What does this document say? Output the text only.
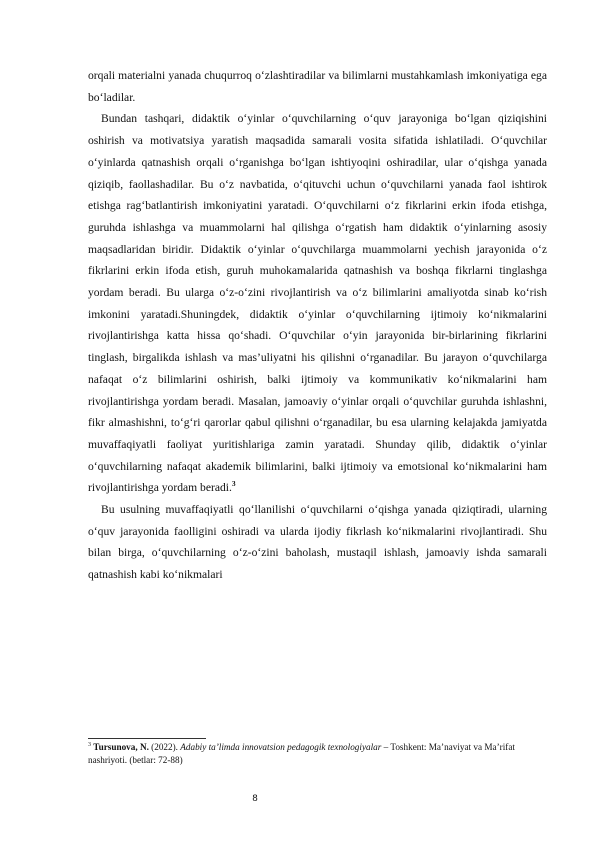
orqali materialni yanada chuqurroq o‘zlashtiradilar va bilimlarni mustahkamlash imkoniyatiga ega bo‘ladilar.

Bundan tashqari, didaktik o‘yinlar o‘quvchilarning o‘quv jarayoniga bo‘lgan qiziqishini oshirish va motivatsiya yaratish maqsadida samarali vosita sifatida ishlatiladi. O‘quvchilar o‘yinlarda qatnashish orqali o‘rganishga bo‘lgan ishtiyoqini oshiradilar, ular o‘qishga yanada qiziqib, faollashadilar. Bu o‘z navbatida, o‘qituvchi uchun o‘quvchilarni yanada faol ishtirok etishga rag‘batlantirish imkoniyatini yaratadi. O‘quvchilarni o‘z fikrlarini erkin ifoda etishga, guruhda ishlashga va muammolarni hal qilishga o‘rgatish ham didaktik o‘yinlarning asosiy maqsadlaridan biridir. Didaktik o‘yinlar o‘quvchilarga muammolarni yechish jarayonida o‘z fikrlarini erkin ifoda etish, guruh muhokamalarida qatnashish va boshqa fikrlarni tinglashga yordam beradi. Bu ularga o‘z-o‘zini rivojlantirish va o‘z bilimlarini amaliyotda sinab ko‘rish imkonini yaratadi.Shuningdek, didaktik o‘yinlar o‘quvchilarning ijtimoiy ko‘nikmalarini rivojlantirishga katta hissa qo‘shadi. O‘quvchilar o‘yin jarayonida bir-birlarining fikrlarini tinglash, birgalikda ishlash va mas’uliyatni his qilishni o‘rganadilar. Bu jarayon o‘quvchilarga nafaqat o‘z bilimlarini oshirish, balki ijtimoiy va kommunikativ ko‘nikmalarini ham rivojlantirishga yordam beradi. Masalan, jamoaviy o‘yinlar orqali o‘quvchilar guruhda ishlashni, fikr almashishni, to‘g‘ri qarorlar qabul qilishni o‘rganadilar, bu esa ularning kelajakda jamiyatda muvaffaqiyatli faoliyat yuritishlariga zamin yaratadi. Shunday qilib, didaktik o‘yinlar o‘quvchilarning nafaqat akademik bilimlarini, balki ijtimoiy va emotsional ko‘nikmalarini ham rivojlantirishga yordam beradi.$^3$

Bu usulning muvaffaqiyatli qo‘llanilishi o‘quvchilarni o‘qishga yanada qiziqtiradi, ularning o‘quv jarayonida faolligini oshiradi va ularda ijodiy fikrlash ko‘nikmalarini rivojlantiradi. Shu bilan birga, o‘quvchilarning o‘z-o‘zini baholash, mustaqil ishlash, jamoaviy ishda samarali qatnashish kabi ko‘nikmalari

$^3$ Tursunova, N. (2022). Adabiy ta’limda innovatsion pedagogik texnologiyalar – Toshkent: Ma’naviyat va Ma’rifat nashriyoti. (betlar: 72-88)
8
